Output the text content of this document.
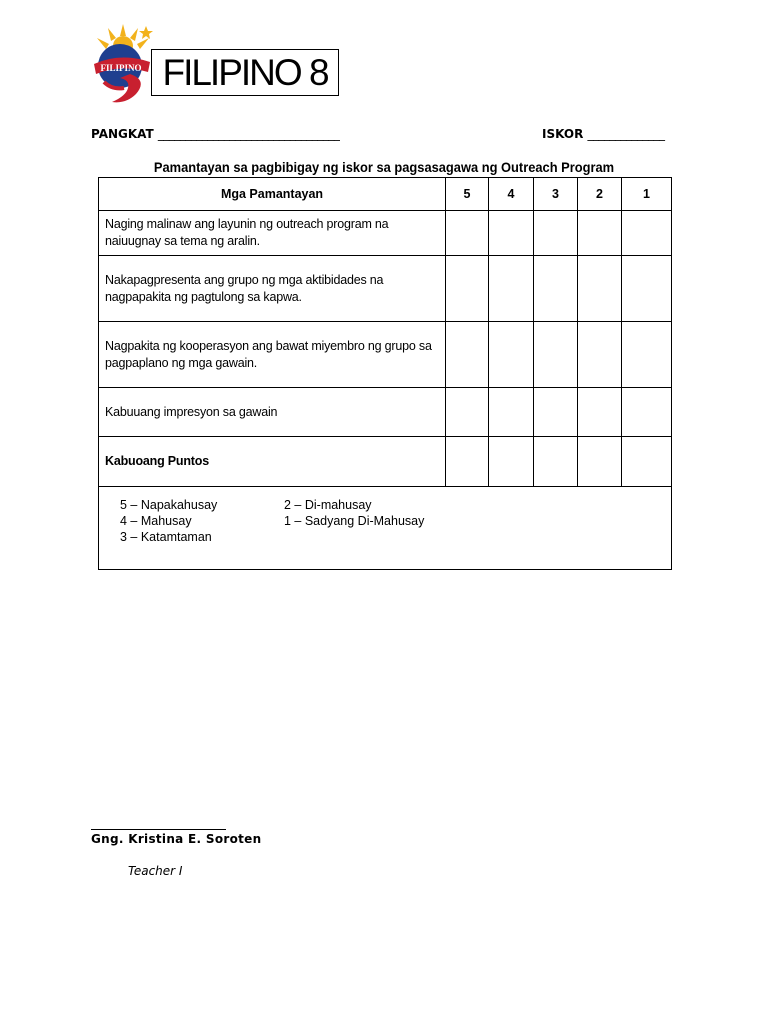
FILIPINO FILIPINO 8
PANGKAT _________________________________	ISKOR ______________
Pamantayan sa pagbibigay ng iskor sa pagsasagawa ng Outreach Program
Mga Pamantayan	5	4	3	2	1
Naging malinaw ang layunin ng outreach program na naiuugnay sa tema ng aralin.					
Nakapagpresenta ang grupo ng mga aktibidades na nagpapakita ng pagtulong sa kapwa.					
Nagpakita ng kooperasyon ang bawat miyembro ng grupo sa pagpaplano ng mga gawain.					
Kabuuang impresyon sa gawain					
Kabuoang Puntos					

5 – Napakahusay
4 – Mahusay
3 – Katamtaman
2 – Di-mahusay
1 – Sadyang Di-Mahusay					
Gng. Kristina E. Soroten
Teacher I
